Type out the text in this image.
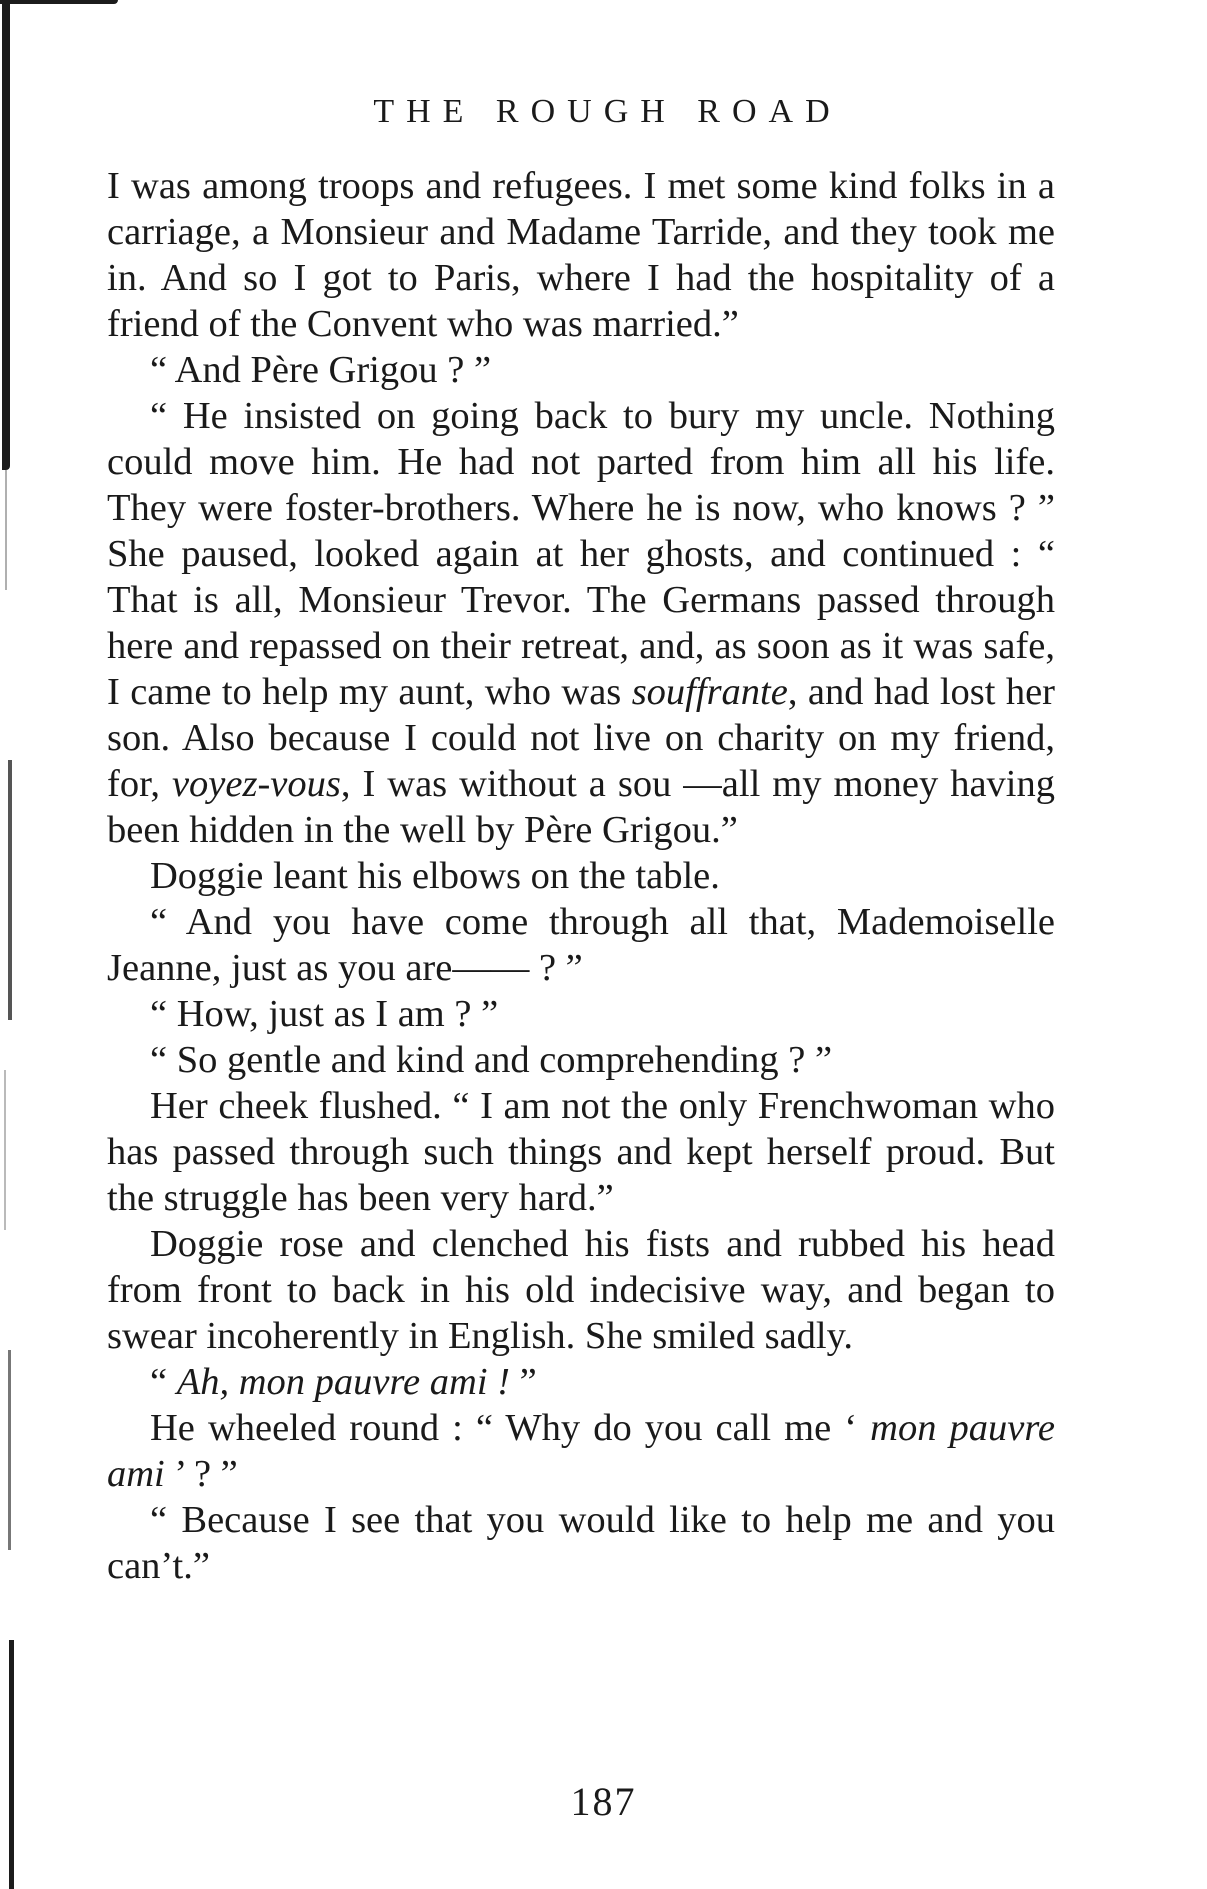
THE ROUGH ROAD

I was among troops and refugees. I met some kind folks in a carriage, a Monsieur and Madame Tarride, and they took me in. And so I got to Paris, where I had the hospitality of a friend of the Convent who was married.”

“ And Père Grigou ? ”

“ He insisted on going back to bury my uncle. Nothing could move him. He had not parted from him all his life. They were foster-brothers. Where he is now, who knows ? ” She paused, looked again at her ghosts, and continued : “ That is all, Monsieur Trevor. The Germans passed through here and repassed on their retreat, and, as soon as it was safe, I came to help my aunt, who was souffrante, and had lost her son. Also because I could not live on charity on my friend, for, voyez-vous, I was without a sou —all my money having been hidden in the well by Père Grigou.”

Doggie leant his elbows on the table.

“ And you have come through all that, Mademoiselle Jeanne, just as you are—— ? ”

“ How, just as I am ? ”

“ So gentle and kind and comprehending ? ”

Her cheek flushed. “ I am not the only Frenchwoman who has passed through such things and kept herself proud. But the struggle has been very hard.”

Doggie rose and clenched his fists and rubbed his head from front to back in his old indecisive way, and began to swear incoherently in English. She smiled sadly.

“ Ah, mon pauvre ami ! ”

He wheeled round : “ Why do you call me ‘ mon pauvre ami ’ ? ”

“ Because I see that you would like to help me and you can’t.”

187
